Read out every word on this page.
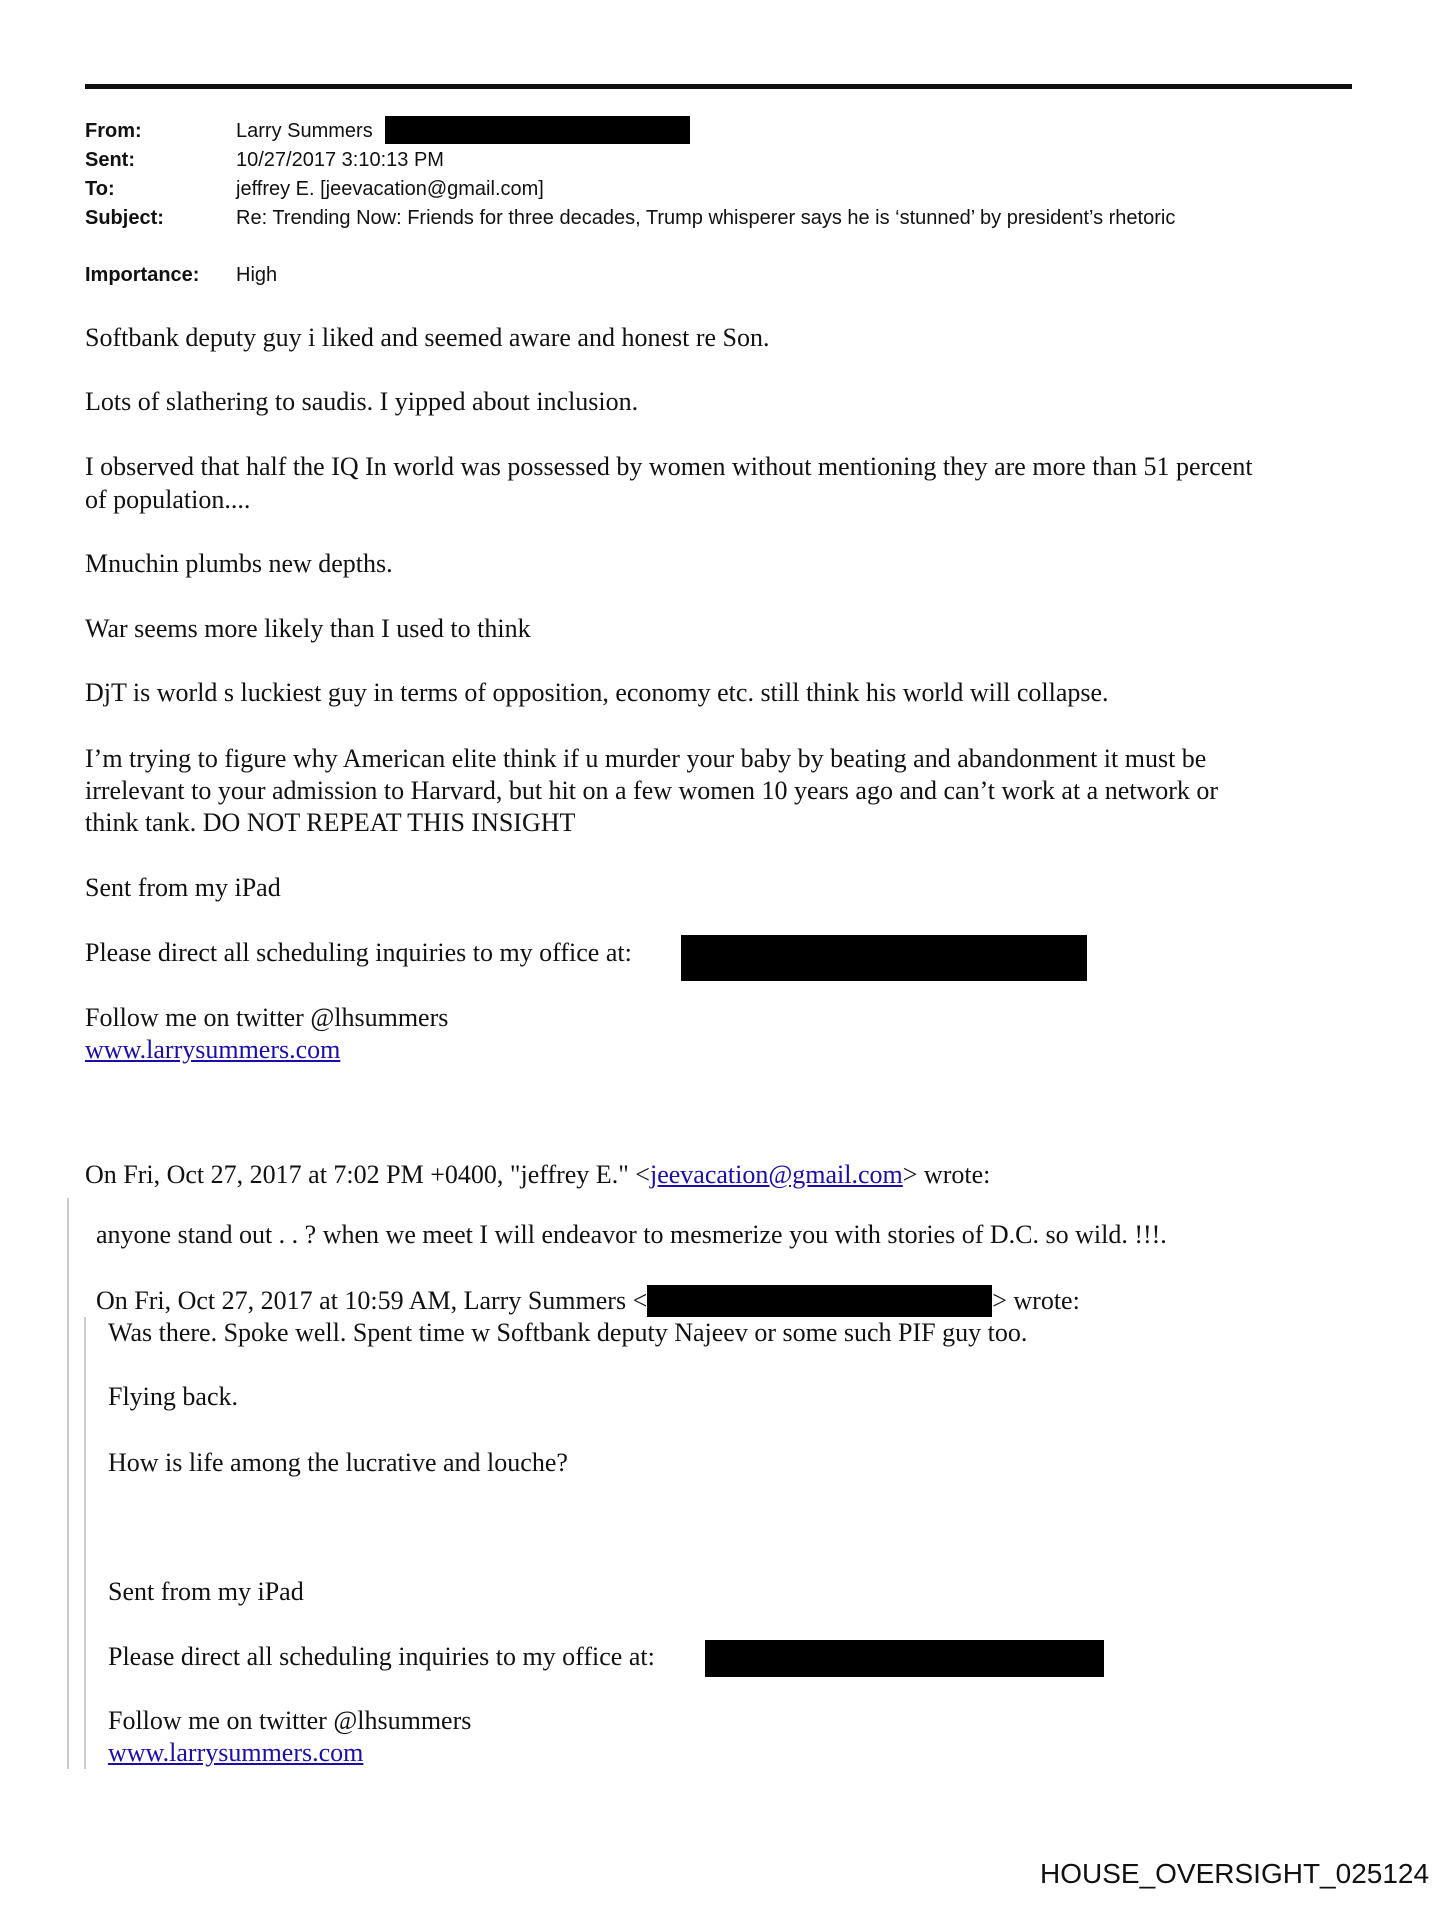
From:	Larry Summers
Sent:	10/27/2017 3:10:13 PM
To:	jeffrey E. [jeevacation@gmail.com]
Subject:	Re: Trending Now: Friends for three decades, Trump whisperer says he is ‘stunned’ by president’s rhetoric
Importance: High
Softbank deputy guy i liked and seemed aware and honest re Son.
Lots of slathering to saudis. I yipped about inclusion.
I observed that half the IQ In world was possessed by women without mentioning they are more than 51 percent
of population....
Mnuchin plumbs new depths.
War seems more likely than I used to think
DjT is world s luckiest guy in terms of opposition, economy etc. still think his world will collapse.
I’m trying to figure why American elite think if u murder your baby by beating and abandonment it must be
irrelevant to your admission to Harvard, but hit on a few women 10 years ago and can’t work at a network or
think tank. DO NOT REPEAT THIS INSIGHT
Sent from my iPad
Please direct all scheduling inquiries to my office at:
Follow me on twitter @lhsummers
www.larrysummers.com
On Fri, Oct 27, 2017 at 7:02 PM +0400, "jeffrey E." <jeevacation@gmail.com> wrote:
anyone stand out . . ? when we meet I will endeavor to mesmerize you with stories of D.C. so wild. !!!.
On Fri, Oct 27, 2017 at 10:59 AM, Larry Summers <	> wrote:
Was there. Spoke well. Spent time w Softbank deputy Najeev or some such PIF guy too.
Flying back.
How is life among the lucrative and louche?
Sent from my iPad
Please direct all scheduling inquiries to my office at:
Follow me on twitter @lhsummers
www.larrysummers.com
HOUSE_OVERSIGHT_025124
